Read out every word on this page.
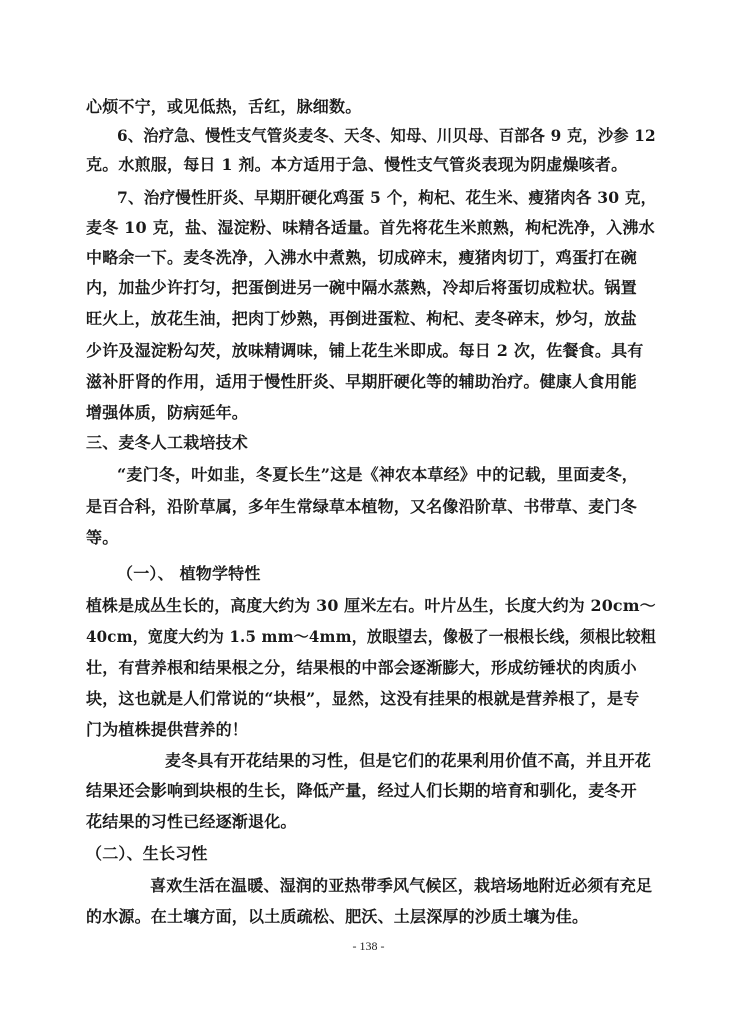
心烦不宁，或见低热，舌红，脉细数。
6、治疗急、慢性支气管炎麦冬、天冬、知母、川贝母、百部各 9 克，沙参 12
克。水煎服，每日 1 剂。本方适用于急、慢性支气管炎表现为阴虚燥咳者。
7、治疗慢性肝炎、早期肝硬化鸡蛋 5 个，枸杞、花生米、瘦猪肉各 30 克，
麦冬 10 克，盐、湿淀粉、味精各适量。首先将花生米煎熟，枸杞洗净，入沸水
中略余一下。麦冬洗净，入沸水中煮熟，切成碎末，瘦猪肉切丁，鸡蛋打在碗
内，加盐少许打匀，把蛋倒进另一碗中隔水蒸熟，冷却后将蛋切成粒状。锅置
旺火上，放花生油，把肉丁炒熟，再倒进蛋粒、枸杞、麦冬碎末，炒匀，放盐
少许及湿淀粉勾芡，放味精调味，铺上花生米即成。每日 2 次，佐餐食。具有
滋补肝肾的作用，适用于慢性肝炎、早期肝硬化等的辅助治疗。健康人食用能
增强体质，防病延年。
三、麦冬人工栽培技术
“麦门冬，叶如韭，冬夏长生”这是《神农本草经》中的记载，里面麦冬，
是百合科，沿阶草属，多年生常绿草本植物，又名像沿阶草、书带草、麦门冬
等。
（一）、 植物学特性
植株是成丛生长的，高度大约为 30 厘米左右。叶片丛生，长度大约为 20cm～
40cm，宽度大约为 1.5 mm～4mm，放眼望去，像极了一根根长线，须根比较粗
壮，有营养根和结果根之分，结果根的中部会逐渐膨大，形成纺锤状的肉质小
块，这也就是人们常说的“块根”，显然，这没有挂果的根就是营养根了，是专
门为植株提供营养的！
麦冬具有开花结果的习性，但是它们的花果利用价值不高，并且开花
结果还会影响到块根的生长，降低产量，经过人们长期的培育和驯化，麦冬开
花结果的习性已经逐渐退化。
（二）、生长习性
喜欢生活在温暖、湿润的亚热带季风气候区，栽培场地附近必须有充足
的水源。在土壤方面，以土质疏松、肥沃、土层深厚的沙质土壤为佳。
- 138 -
